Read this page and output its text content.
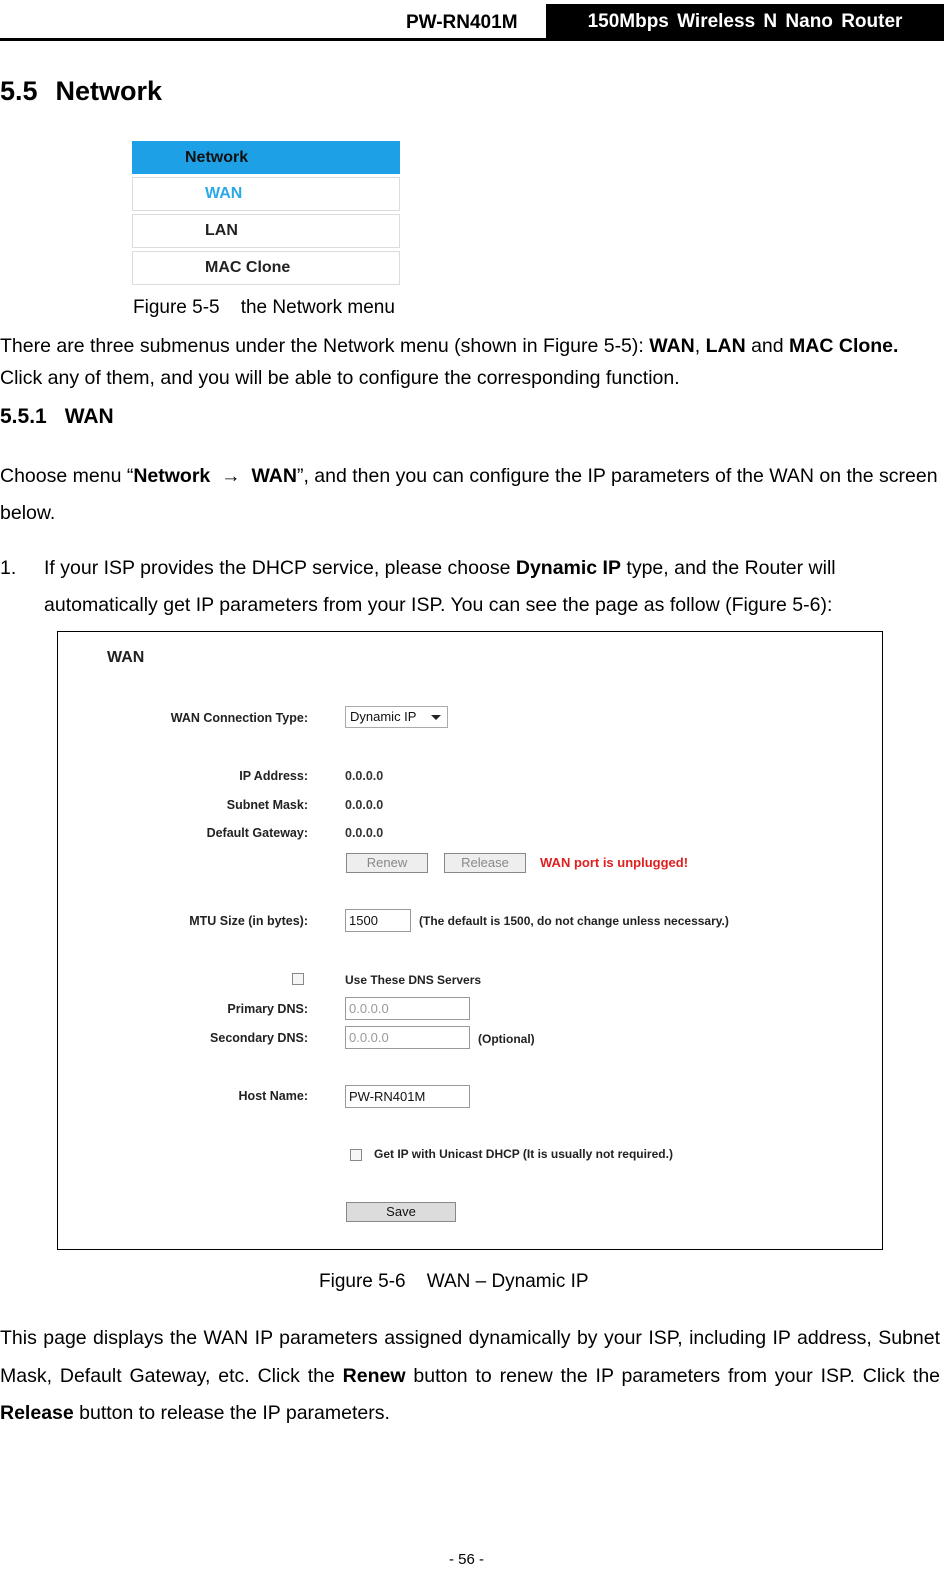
PW-RN401M	150Mbps Wireless N Nano Router
5.5 Network
Network
WAN
LAN
MAC Clone
Figure 5-5    the Network menu
There are three submenus under the Network menu (shown in Figure 5-5): WAN, LAN and MAC Clone. Click any of them, and you will be able to configure the corresponding function.
5.5.1 WAN
Choose menu “Network → WAN”, and then you can configure the IP parameters of the WAN on the screen below.
1. If your ISP provides the DHCP service, please choose Dynamic IP type, and the Router will automatically get IP parameters from your ISP. You can see the page as follow (Figure 5-6):
WAN
WAN Connection Type:	Dynamic IP
IP Address:	0.0.0.0
Subnet Mask:	0.0.0.0
Default Gateway:	0.0.0.0
Renew	Release	WAN port is unplugged!
MTU Size (in bytes):	1500	(The default is 1500, do not change unless necessary.)
Use These DNS Servers
Primary DNS:	0.0.0.0
Secondary DNS:	0.0.0.0	(Optional)
Host Name:	PW-RN401M
Get IP with Unicast DHCP (It is usually not required.)
Save
Figure 5-6    WAN – Dynamic IP
This page displays the WAN IP parameters assigned dynamically by your ISP, including IP address, Subnet Mask, Default Gateway, etc. Click the Renew button to renew the IP parameters from your ISP. Click the Release button to release the IP parameters.
- 56 -
